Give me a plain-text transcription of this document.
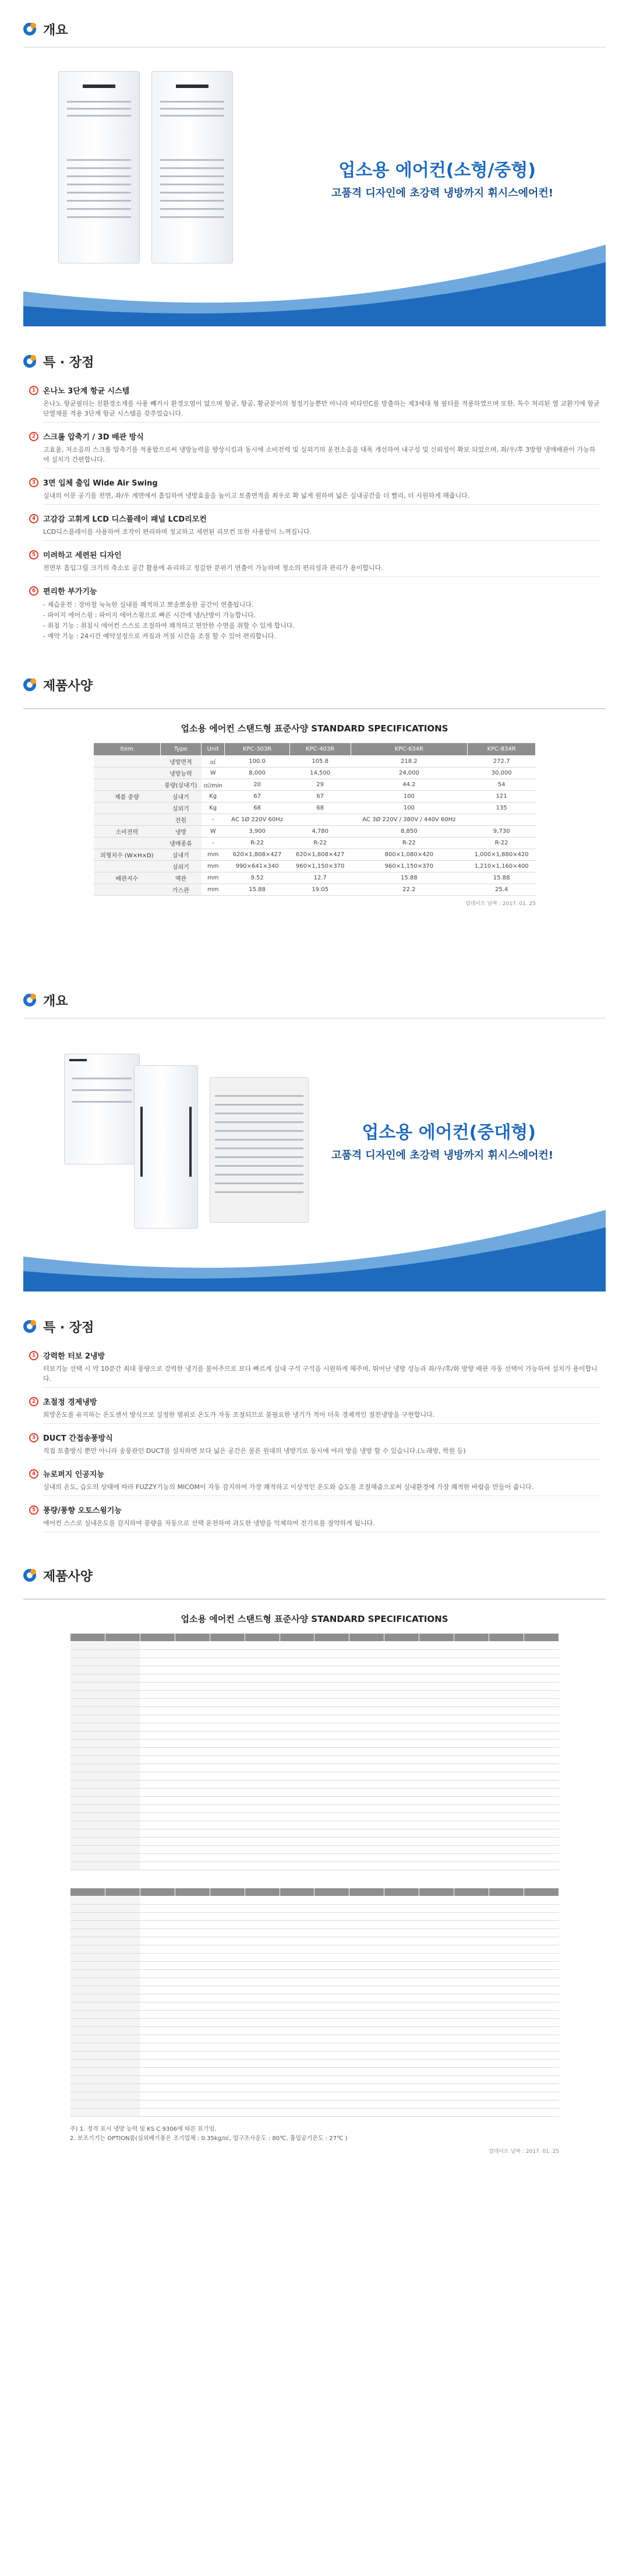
개요
업소용 에어컨(소형/중형)
고품격 디자인에 초강력 냉방까지 휘시스에어컨!
특 · 장점
1 온나노 3단계 항균 시스템

온나노 항균필터는 친환경소재를 사용 빼거시 환경오염이 없으며 항균, 항곰, 황균분이의 청정기능뿐만 아니라 비타민C를 방출하는 제3세대 형 필터를 적용하였으며 또한, 특수 처리된 열 교환기에 항균 단열재를 적용 3단계 항균 시스템을 갖추었습니다.

2 스크롤 압축기 / 3D 배관 방식

고효율, 저소음의 스크롤 압축기를 적용함으로써 냉방능력을 향상시킴과 동시에 소비전력 및 실외기의 운전소음을 대폭 개선하여 내구성 및 신뢰성이 확보 되었으며, 좌/우/후 3방향 냉매배관이 가능하여 설치가 간편합니다.

3 3면 입체 출입 Wide Air Swing

실내의 이문 공기를 전면, 좌/우 계면에서 흡입하여 냉방효율을 높이고 토출면적을 최우로 확 넓게 원하며 넓은 실내공간을 더 빨리, 더 시원하게 해줍니다.

4 고감감 고휘게 LCD 디스플레이 패널 LCD리모컨

LCD디스플레이를 사용하여 조작이 편리하며 정교하고 세련된 리모컨 또한 사용함이 느껴집니다.

5 미려하고 세련된 디자인

전면부 흡입그릴 크기의 축소로 공간 활용에 유리하고 정갈한 분위기 연출이 가능하며 청소의 편리성과 관리가 용이합니다.

6 편리한 부가기능
- 제습운전 : 장마철 눅눅한 실내를 쾌적하고 뽀송뽀송한 공간이 연출됩니다.
- 파이지 에어스윙 : 파이지 에어스윙으로 빠른 시간에 냉/난방이 가능합니다.
- 취침 기능 : 취침시 에어컨 스스로 조절하여 쾌적하고 편안한 수면을 취할 수 있게 합니다.
- 예약 기능 : 24시간 예약설정으로 켜짐과 꺼짐 시간을 조절 할 수 있어 편리합니다.
제품사양
업소용 에어컨 스탠드형 표준사양 STANDARD SPECIFICATIONS
Item	Type	Unit	KPC-303R	KPC-403R	KPC-634R	KPC-834R
	냉방면적	㎡	100.0	105.8	218.2	272.7
	냉방능력	W	8,000	14,500	24,000	30,000
	풍량(실내기)	㎥/min	20	29	44.2	54
제품 중량	실내기	Kg	67	67	100	121
	실외기	Kg	68	68	100	135
	전원	-	AC 1Ø 220V 60Hz		AC 3Ø 220V / 380V / 440V 60Hz	
소비전력	냉방	W	3,900	4,780	8,850	9,730
	냉매종류	-	R-22	R-22	R-22	R-22
외형치수 (W×H×D)	실내기	mm	620×1,808×427	620×1,808×427	800×1,080×420	1,000×1,880×420
	실외기	mm	990×641×340	960×1,150×370	960×1,150×370	1,210×1,160×400
배관지수	액관	mm	9.52	12.7	15.88	15.88
	가스관	mm	15.88	19.05	22.2	25.4
업데이트 날짜 : 2017. 01. 25
개요
업소용 에어컨(중대형)
고품격 디자인에 초강력 냉방까지 휘시스에어컨!
특 · 장점
1 강력한 터보 2냉방

터보기능 선택 시 약 10분간 최대 풍량으로 강력한 냉기를 불어주므로 보다 빠르게 실내 구석 구석을 시원하게 해주며, 뛰어난 냉방 성능과 좌/우/후/화 방향 배관 자동 선택이 가능하여 설치가 용이합니다.

2 초절정 경제냉방

희망온도를 유지하는 온도센서 방식으로 설정한 범위로 온도가 자동 조절되므로 불필요한 냉기가 적어 더욱 경제적인 절전냉방을 구현합니다.

3 DUCT 간접송풍방식

직접 토출방식 뿐만 아니라 송풍관인 DUCT를 설치하면 보다 넓은 공간은 물론 원대의 냉방기로 동시에 여러 방을 냉방 할 수 있습니다.(노래방, 학원 등)

4 뉴로퍼지 인공지능

실내의 온도, 습도의 상태에 따라 FUZZY기능의 MICOM이 자동 감지하여 가장 쾌적하고 이상적인 온도와 습도를 조절해줌으로써 실내환경에 가장 쾌적한 바람을 만들어 줍니다.

5 풍량/풍향 오토스윙기능

에어컨 스스로 실내온도를 감지하여 풍량을 자동으로 선택 운전하며 과도한 냉방을 억제하여 전기료를 절약하게 됩니다.

제품사양
업소용 에어컨 스탠드형 표준사양 STANDARD SPECIFICATIONS

주) 1. 정격 표시 냉방 능력 및 KS C 9306에 따른 표기임.
2. 보조기기는 OPTION품(실외배기용은 조기업체 : 0.35kg/㎡, 업구조사운도 : 80℃, 흡입공기온도 : 27℃ )
업데이트 날짜 : 2017. 01. 25
